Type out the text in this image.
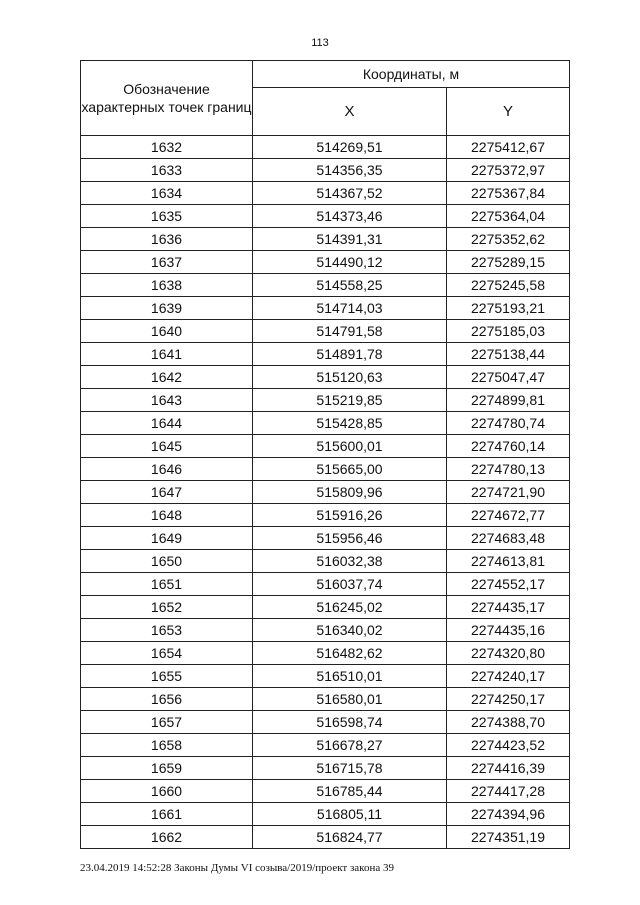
113
Обозначение характерных точек границ	Координаты, м	
	X	Y
1632	514269,51	2275412,67
1633	514356,35	2275372,97
1634	514367,52	2275367,84
1635	514373,46	2275364,04
1636	514391,31	2275352,62
1637	514490,12	2275289,15
1638	514558,25	2275245,58
1639	514714,03	2275193,21
1640	514791,58	2275185,03
1641	514891,78	2275138,44
1642	515120,63	2275047,47
1643	515219,85	2274899,81
1644	515428,85	2274780,74
1645	515600,01	2274760,14
1646	515665,00	2274780,13
1647	515809,96	2274721,90
1648	515916,26	2274672,77
1649	515956,46	2274683,48
1650	516032,38	2274613,81
1651	516037,74	2274552,17
1652	516245,02	2274435,17
1653	516340,02	2274435,16
1654	516482,62	2274320,80
1655	516510,01	2274240,17
1656	516580,01	2274250,17
1657	516598,74	2274388,70
1658	516678,27	2274423,52
1659	516715,78	2274416,39
1660	516785,44	2274417,28
1661	516805,11	2274394,96
1662	516824,77	2274351,19
23.04.2019 14:52:28 Законы Думы VI созыва/2019/проект закона 39
